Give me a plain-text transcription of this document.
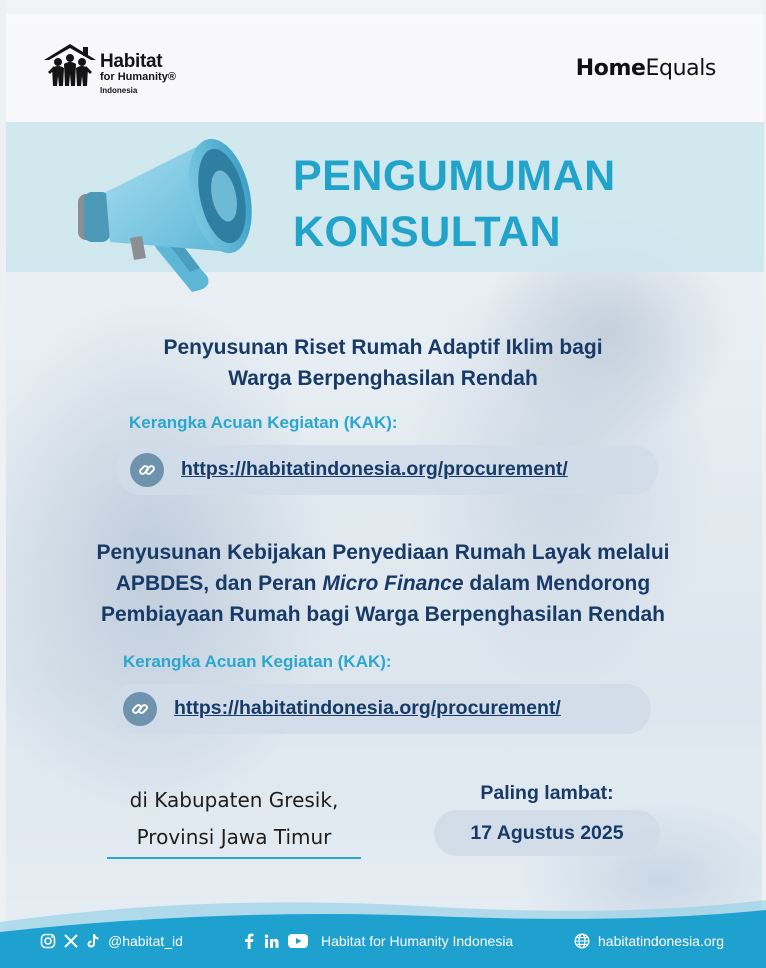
Habitat
for Humanity®
Indonesia
HomeEquals
PENGUMUMAN
KONSULTAN
Penyusunan Riset Rumah Adaptif Iklim bagi
Warga Berpenghasilan Rendah
Kerangka Acuan Kegiatan (KAK):
https://habitatindonesia.org/procurement/
Penyusunan Kebijakan Penyediaan Rumah Layak melalui
APBDES, dan Peran Micro Finance dalam Mendorong
Pembiayaan Rumah bagi Warga Berpenghasilan Rendah
Kerangka Acuan Kegiatan (KAK):
https://habitatindonesia.org/procurement/
di Kabupaten Gresik,
Provinsi Jawa Timur
Paling lambat:
17 Agustus 2025
@habitat_id	Habitat for Humanity Indonesia	habitatindonesia.org
